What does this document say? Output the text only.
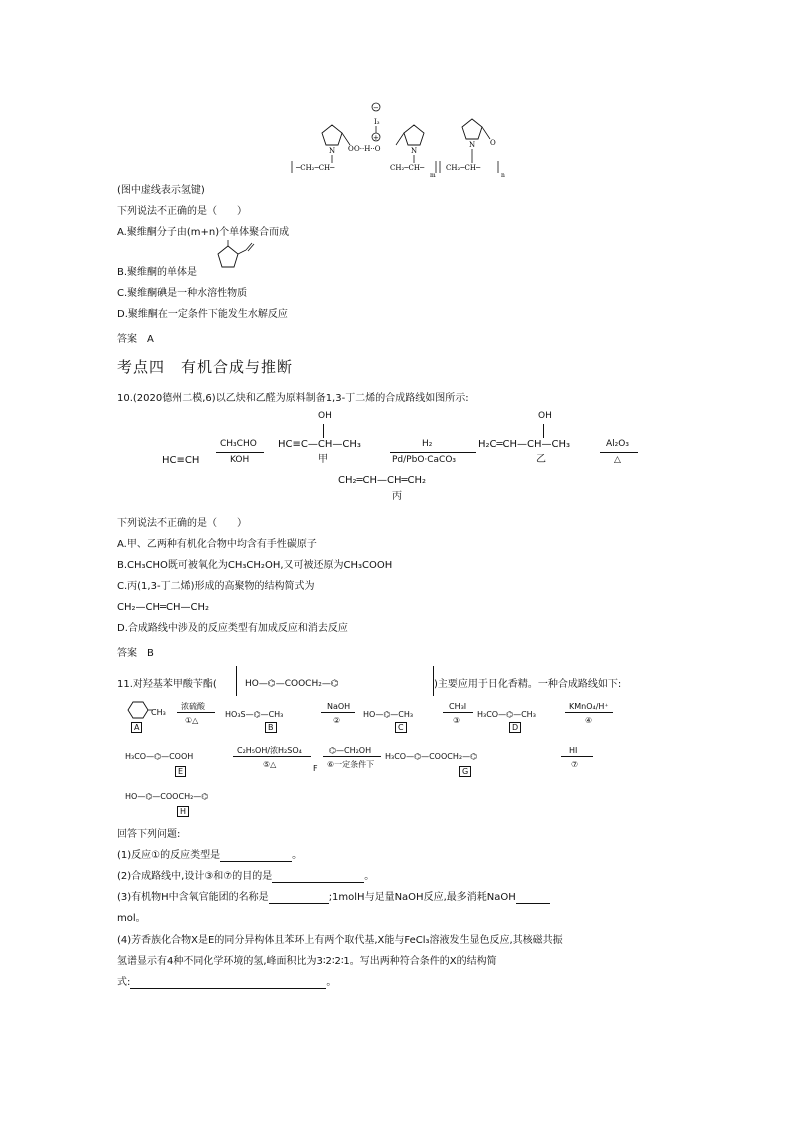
−
I₃
+
N O O··H··O	N
O
N
─CH₂─CH─	CH₂─CH─
m
CH₂─CH─
n
(图中虚线表示氢键)
下列说法不正确的是（　　）
A.聚维酮分子由(m+n)个单体聚合而成
B.聚维酮的单体是
C.聚维酮碘是一种水溶性物质
D.聚维酮在一定条件下能发生水解反应
答案　A
考点四　有机合成与推断
10.(2020德州二模,6)以乙炔和乙醛为原料制备1,3-丁二烯的合成路线如图所示:
HC≡CH
CH₃CHO
KOH
OH
HC≡C—CH—CH₃
甲
H₂
Pd/PbO·CaCO₃
OH
H₂C═CH—CH—CH₃
乙
Al₂O₃
△
CH₂═CH—CH═CH₂
丙
下列说法不正确的是（　　）
A.甲、乙两种有机化合物中均含有手性碳原子
B.CH₃CHO既可被氧化为CH₃CH₂OH,又可被还原为CH₃COOH
C.丙(1,3-丁二烯)形成的高聚物的结构简式为
CH₂—CH═CH—CH₂
D.合成路线中涉及的反应类型有加成反应和消去反应
答案　B
11.对羟基苯甲酸苄酯(	HO—⌬—COOCH₂—⌬	)主要应用于日化香精。一种合成路线如下:
CH₃
A
浓硫酸
①△
HO₃S—⌬—CH₃
B
NaOH
②
HO—⌬—CH₃
C
CH₃I
③
H₃CO—⌬—CH₃
D
KMnO₄/H⁺
④
H₃CO—⌬—COOH
E
C₂H₅OH/浓H₂SO₄
⑤△	F
⌬—CH₂OH
⑥一定条件下
H₃CO—⌬—COOCH₂—⌬
G
HI
⑦
HO—⌬—COOCH₂—⌬
H
回答下列问题:
(1)反应①的反应类型是	。
(2)合成路线中,设计③和⑦的目的是	。
(3)有机物H中含氧官能团的名称是	;1molH与足量NaOH反应,最多消耗NaOH
mol。
(4)芳香族化合物X是E的同分异构体且苯环上有两个取代基,X能与FeCl₃溶液发生显色反应,其核磁共振
氢谱显示有4种不同化学环境的氢,峰面积比为3∶2∶2∶1。写出两种符合条件的X的结构简
式:	。
